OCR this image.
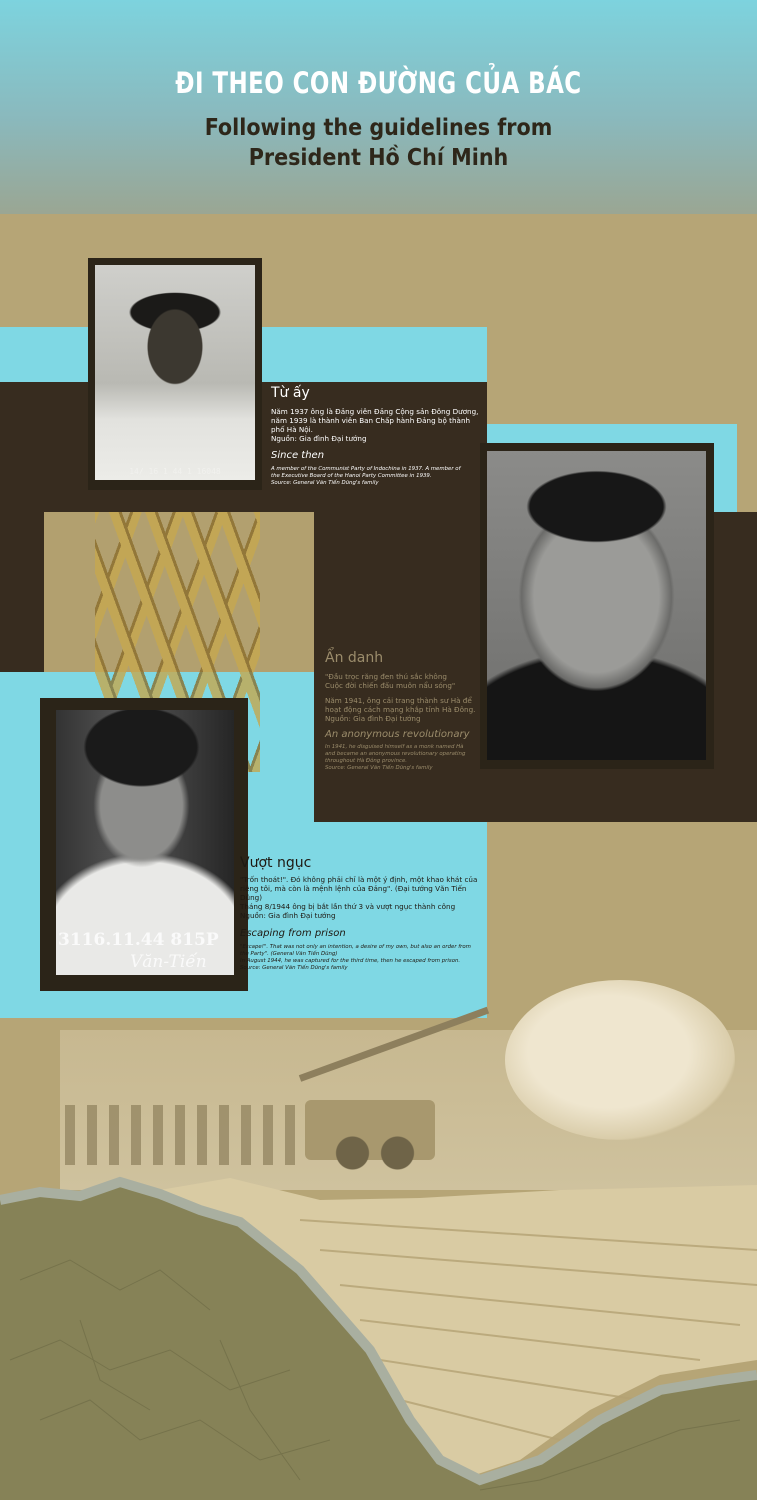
ĐI THEO CON ĐƯỜNG CỦA BÁC
Following the guidelines from
President Hồ Chí Minh
14/ 16 1 44 1 16048
Từ ấy
Năm 1937 ông là Đảng viên Đảng Cộng sản Đông Dương,
năm 1939 là thành viên Ban Chấp hành Đảng bộ thành
phố Hà Nội.
Nguồn: Gia đình Đại tướng
Since then
A member of the Communist Party of Indochina in 1937. A member of
the Executive Board of the Hanoi Party Committee in 1939.
Source: General Văn Tiến Dũng's family
Ẩn danh
"Đầu trọc răng đen thú sắc không
Cuộc đời chiến đấu muôn nẩu sóng"
Năm 1941, ông cải trang thành sư Hà để
hoạt động cách mạng khắp tỉnh Hà Đông.
Nguồn: Gia đình Đại tướng
An anonymous revolutionary
In 1941, he disguised himself as a monk named Hà
and became an anonymous revolutionary operating
throughout Hà Đông province.
Source: General Văn Tiến Dũng's family
3116.11.44 815P
Văn-Tiến
Vượt ngục
"Trốn thoát!". Đó không phải chỉ là một ý định, một khao khát của
riêng tôi, mà còn là mệnh lệnh của Đảng". (Đại tướng Văn Tiến Dũng)
Tháng 8/1944 ông bị bắt lần thứ 3 và vượt ngục thành công
Nguồn: Gia đình Đại tướng
Escaping from prison
"Escape!". That was not only an intention, a desire of my own, but also an order from
the Party". (General Văn Tiến Dũng)
In August 1944, he was captured for the third time, then he escaped from prison.
Source: General Văn Tiến Dũng's family
